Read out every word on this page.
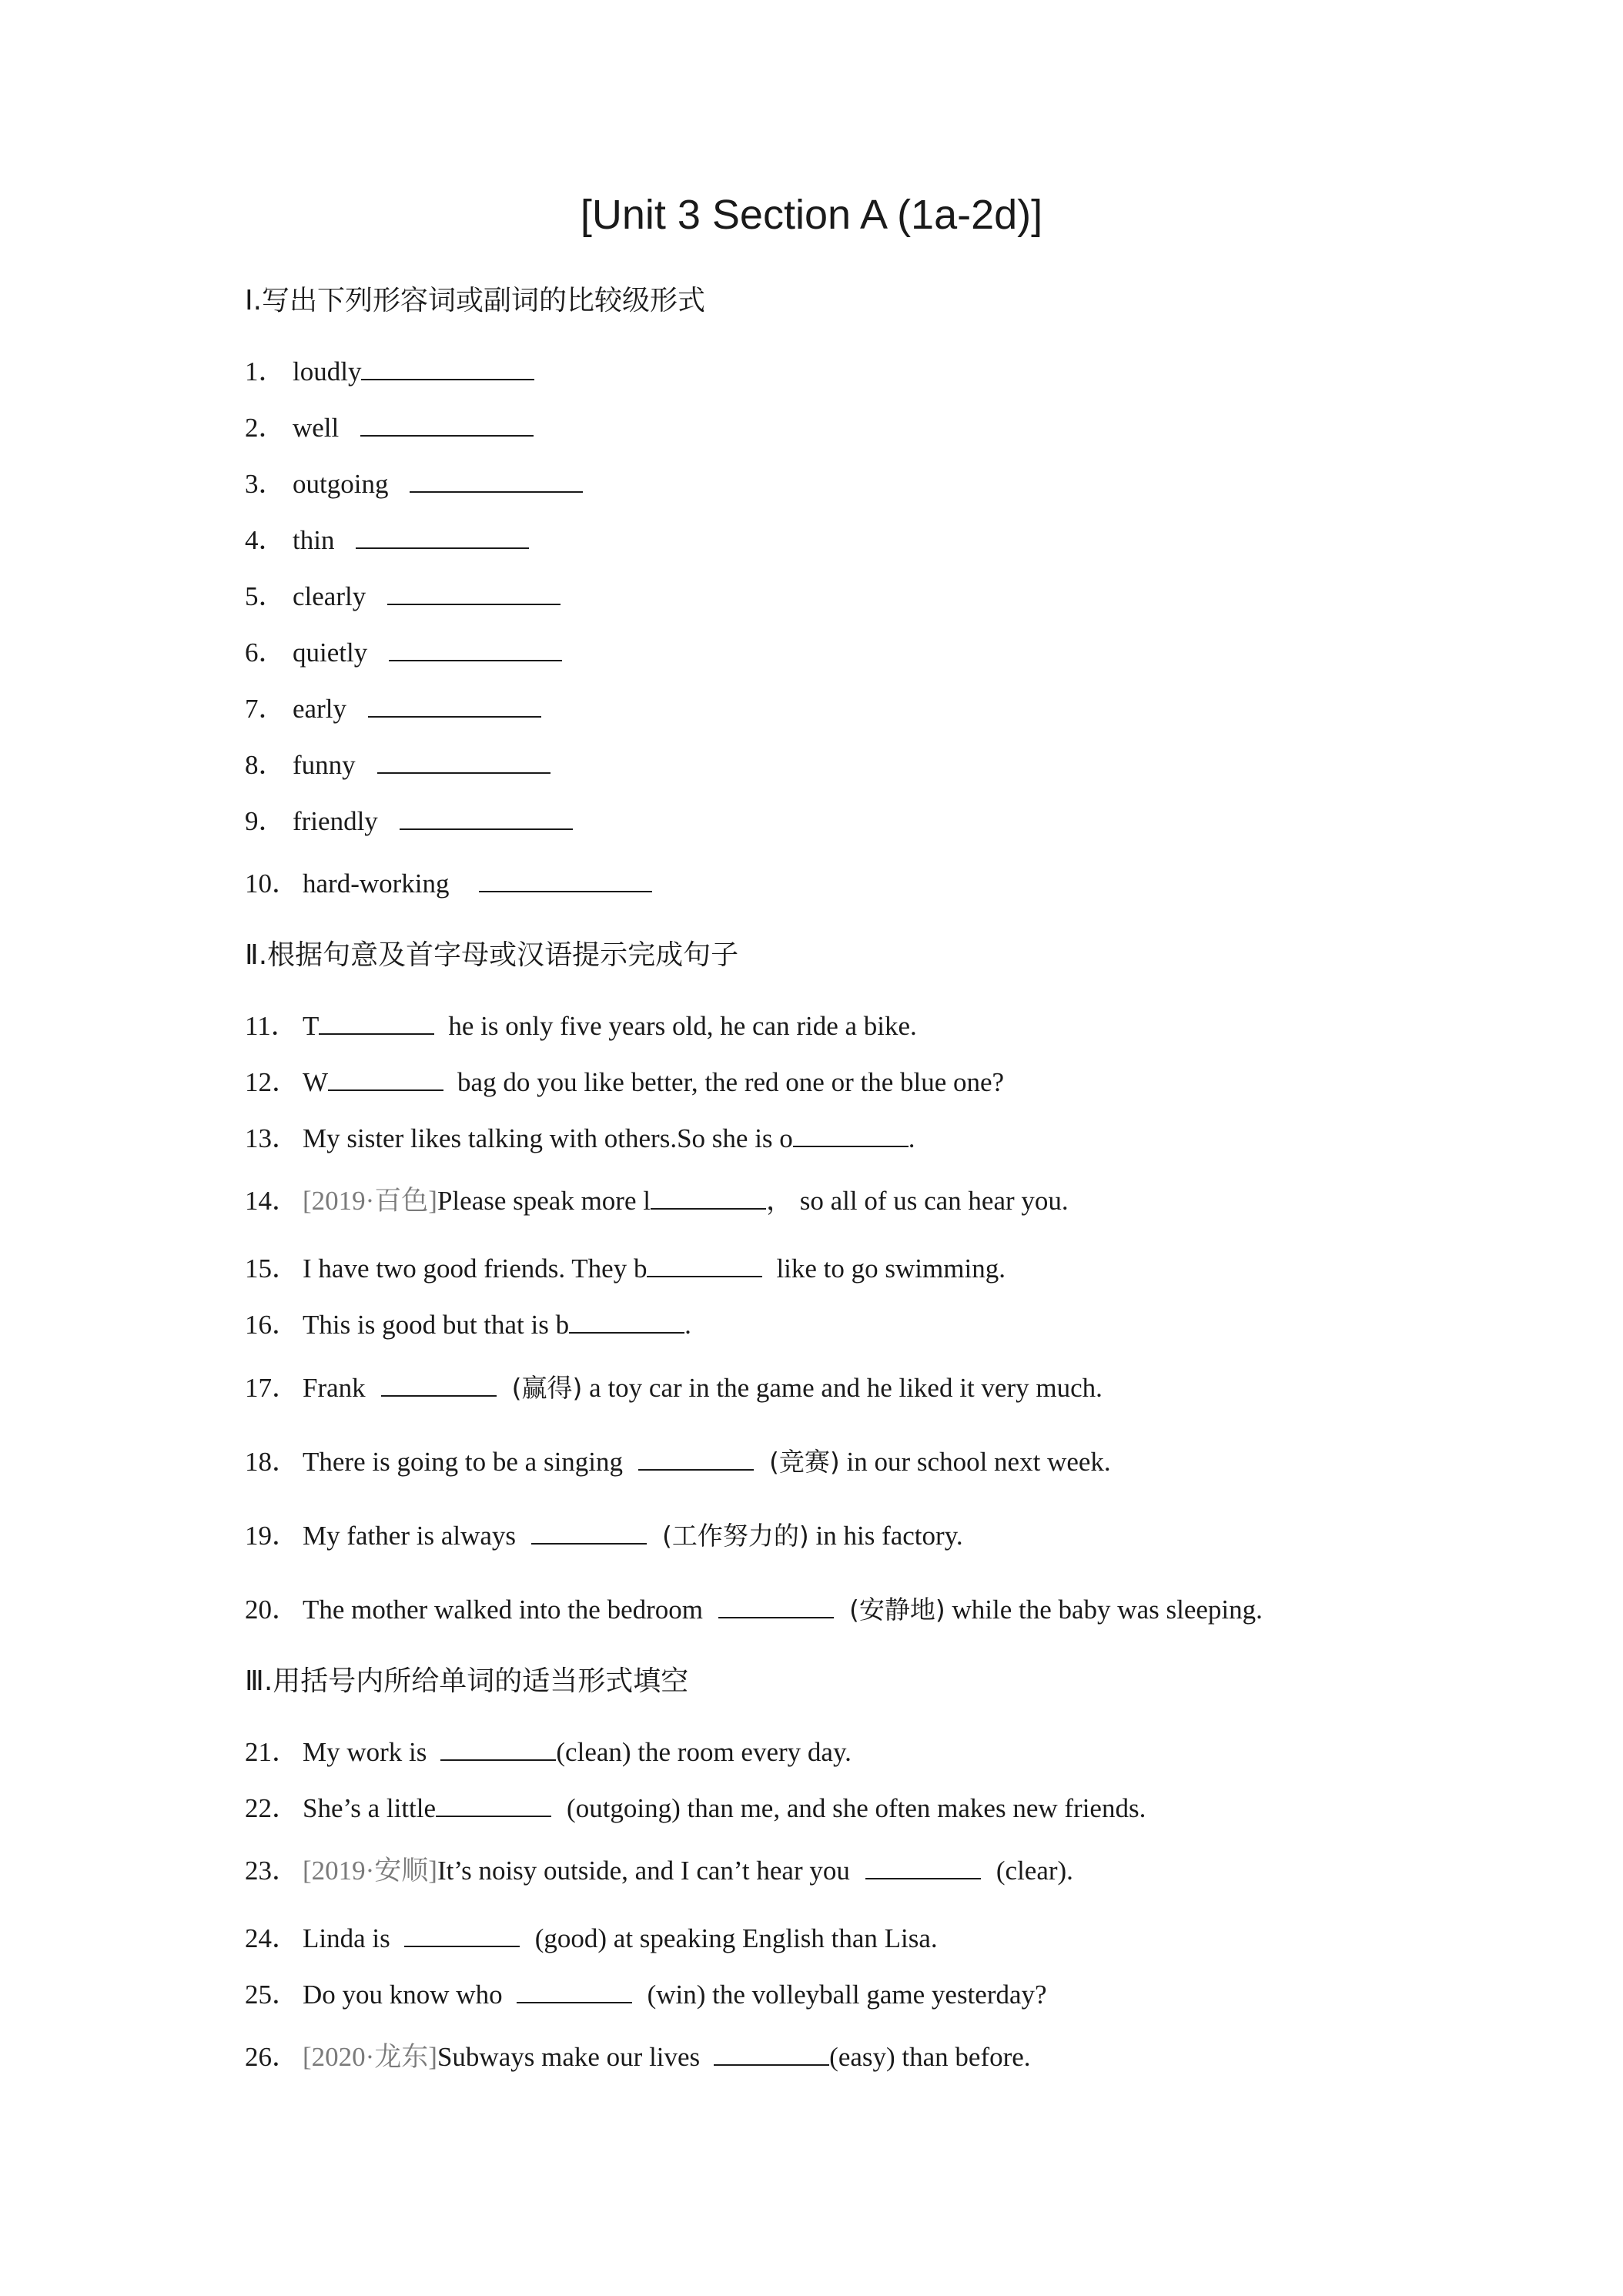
[Unit 3 Section A (1a-2d)]
Ⅰ.写出下列形容词或副词的比较级形式
1． loudly
2． well
3． outgoing
4． thin
5． clearly
6． quietly
7． early
8． funny
9． friendly
10． hard-working
Ⅱ.根据句意及首字母或汉语提示完成句子
11． T	he is only five years old, he can ride a bike.
12． W	bag do you like better, the red one or the blue one?
13． My sister likes talking with others.So she is o	.
14． [2019·百色]Please speak more l	， so all of us can hear you.
15． I have two good friends. They b	like to go swimming.
16． This is good but that is b	.
17． Frank	(赢得) a toy car in the game and he liked it very much.
18． There is going to be a singing	(竞赛) in our school next week.
19． My father is always	(工作努力的) in his factory.
20． The mother walked into the bedroom	(安静地) while the baby was sleeping.
Ⅲ.用括号内所给单词的适当形式填空
21． My work is	(clean) the room every day.
22． She’s a little	(outgoing) than me, and she often makes new friends.
23． [2019·安顺]It’s noisy outside, and I can’t hear you	(clear).
24． Linda is	(good) at speaking English than Lisa.
25． Do you know who	(win) the volleyball game yesterday?
26． [2020·龙东]Subways make our lives	(easy) than before.
